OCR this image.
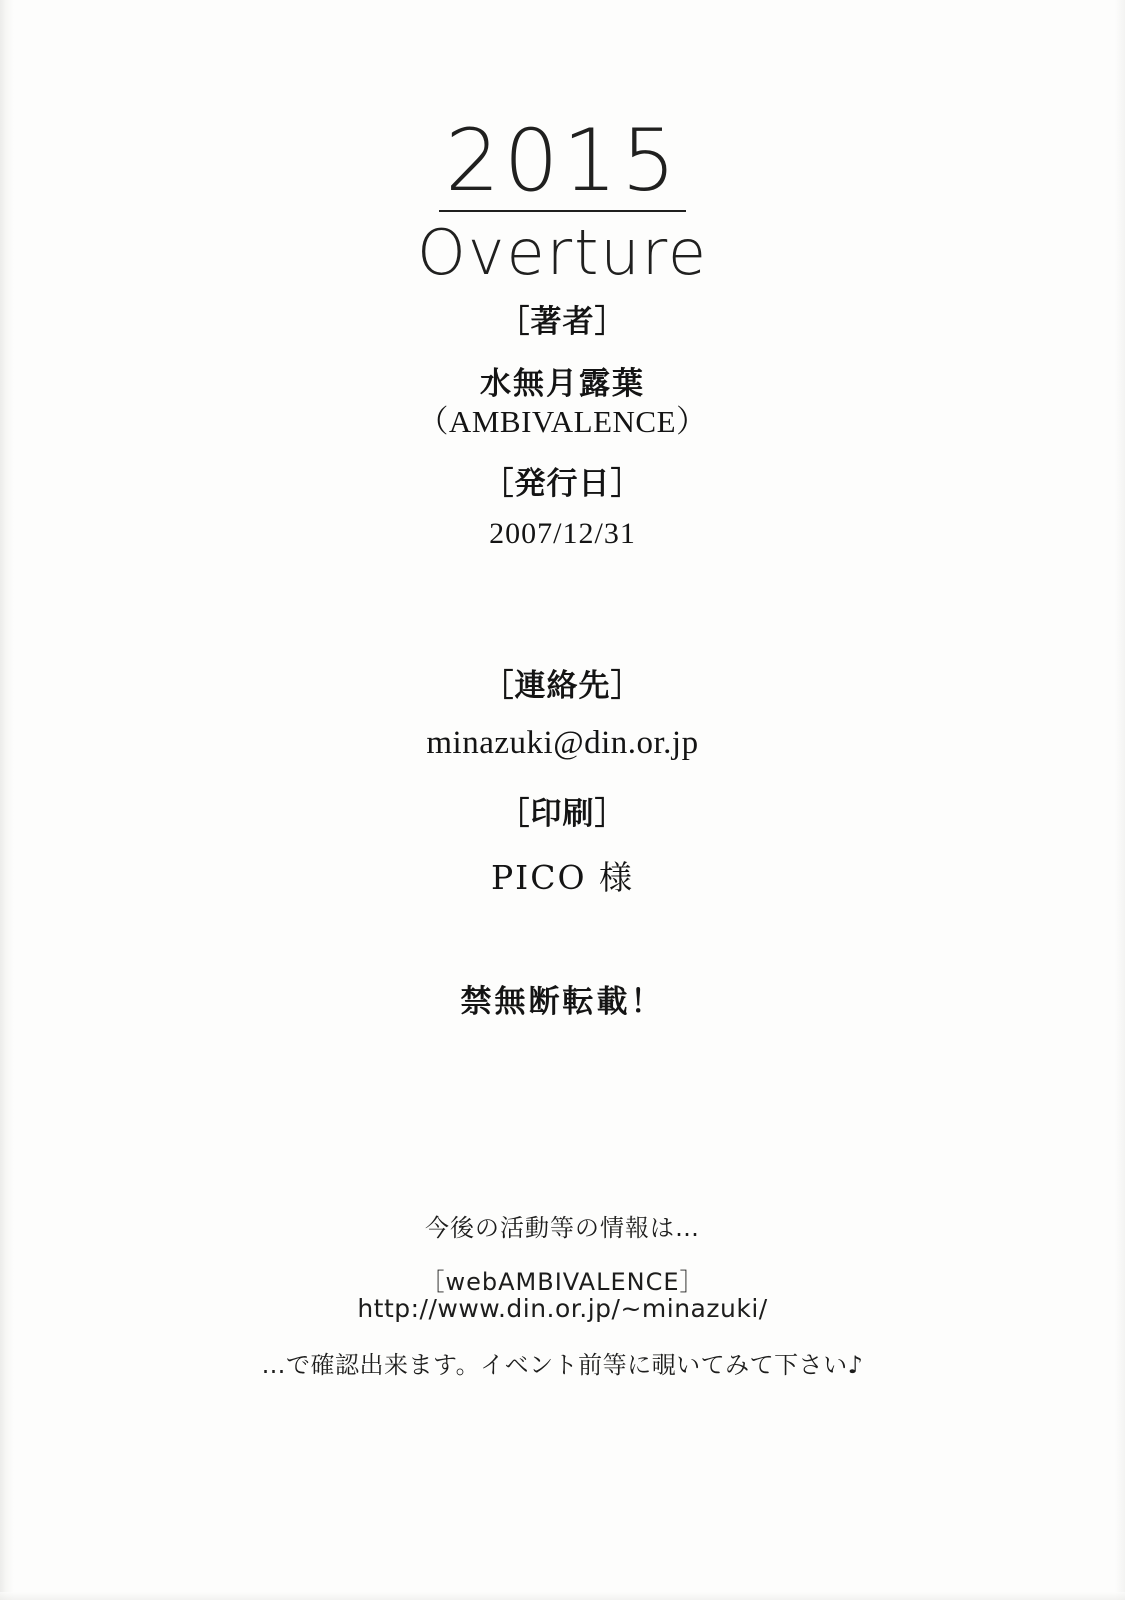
2015
Overture
［著者］
水無月露葉
（AMBIVALENCE）
［発行日］
2007/12/31
［連絡先］
minazuki@din.or.jp
［印刷］
PICO 様
禁無断転載！
今後の活動等の情報は…
［webAMBIVALENCE］
http://www.din.or.jp/~minazuki/
…で確認出来ます。イベント前等に覗いてみて下さい♪
